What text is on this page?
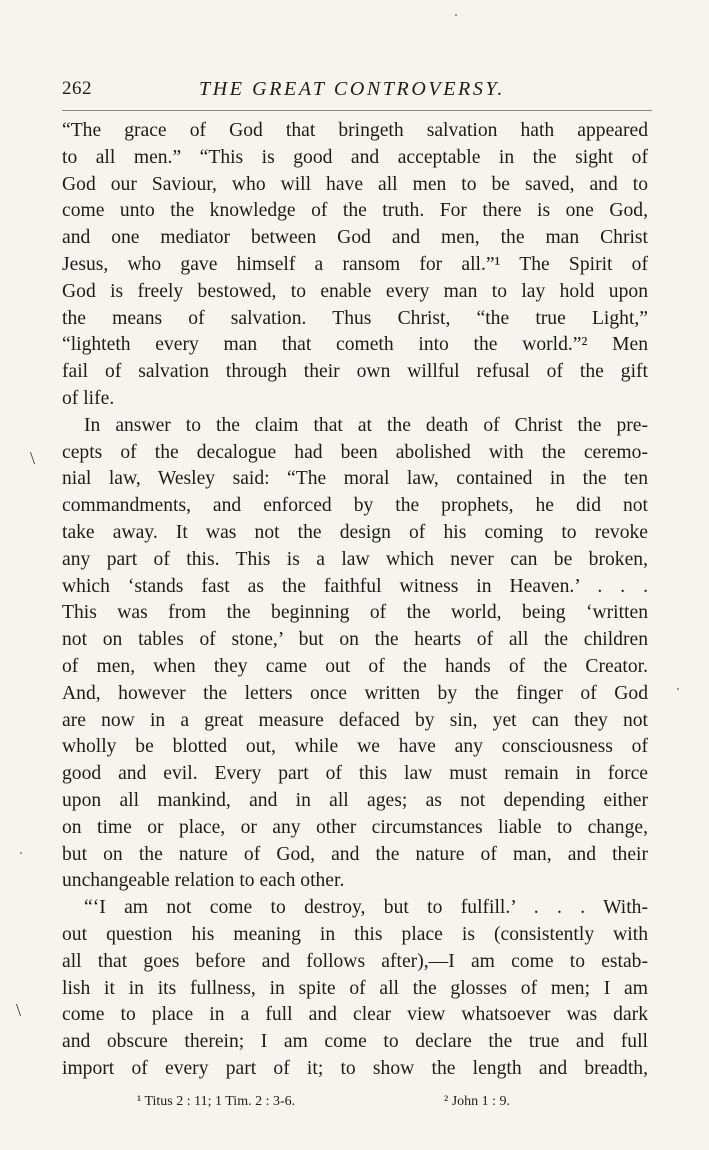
262	THE GREAT CONTROVERSY.
“The grace of God that bringeth salvation hath appeared
to all men.” “This is good and acceptable in the sight of
God our Saviour, who will have all men to be saved, and to
come unto the knowledge of the truth. For there is one God,
and one mediator between God and men, the man Christ
Jesus, who gave himself a ransom for all.”¹ The Spirit of
God is freely bestowed, to enable every man to lay hold upon
the means of salvation. Thus Christ, “the true Light,”
“lighteth every man that cometh into the world.”² Men
fail of salvation through their own willful refusal of the gift
of life.
In answer to the claim that at the death of Christ the pre-
cepts of the decalogue had been abolished with the ceremo-
nial law, Wesley said: “The moral law, contained in the ten
commandments, and enforced by the prophets, he did not
take away. It was not the design of his coming to revoke
any part of this. This is a law which never can be broken,
which ‘stands fast as the faithful witness in Heaven.’ . . .
This was from the beginning of the world, being ‘written
not on tables of stone,’ but on the hearts of all the children
of men, when they came out of the hands of the Creator.
And, however the letters once written by the finger of God
are now in a great measure defaced by sin, yet can they not
wholly be blotted out, while we have any consciousness of
good and evil. Every part of this law must remain in force
upon all mankind, and in all ages; as not depending either
on time or place, or any other circumstances liable to change,
but on the nature of God, and the nature of man, and their
unchangeable relation to each other.
“‘I am not come to destroy, but to fulfill.’ . . . With-
out question his meaning in this place is (consistently with
all that goes before and follows after),—I am come to estab-
lish it in its fullness, in spite of all the glosses of men; I am
come to place in a full and clear view whatsoever was dark
and obscure therein; I am come to declare the true and full
import of every part of it; to show the length and breadth,
¹ Titus 2 : 11; 1 Tim. 2 : 3-6.	² John 1 : 9.
\
\
